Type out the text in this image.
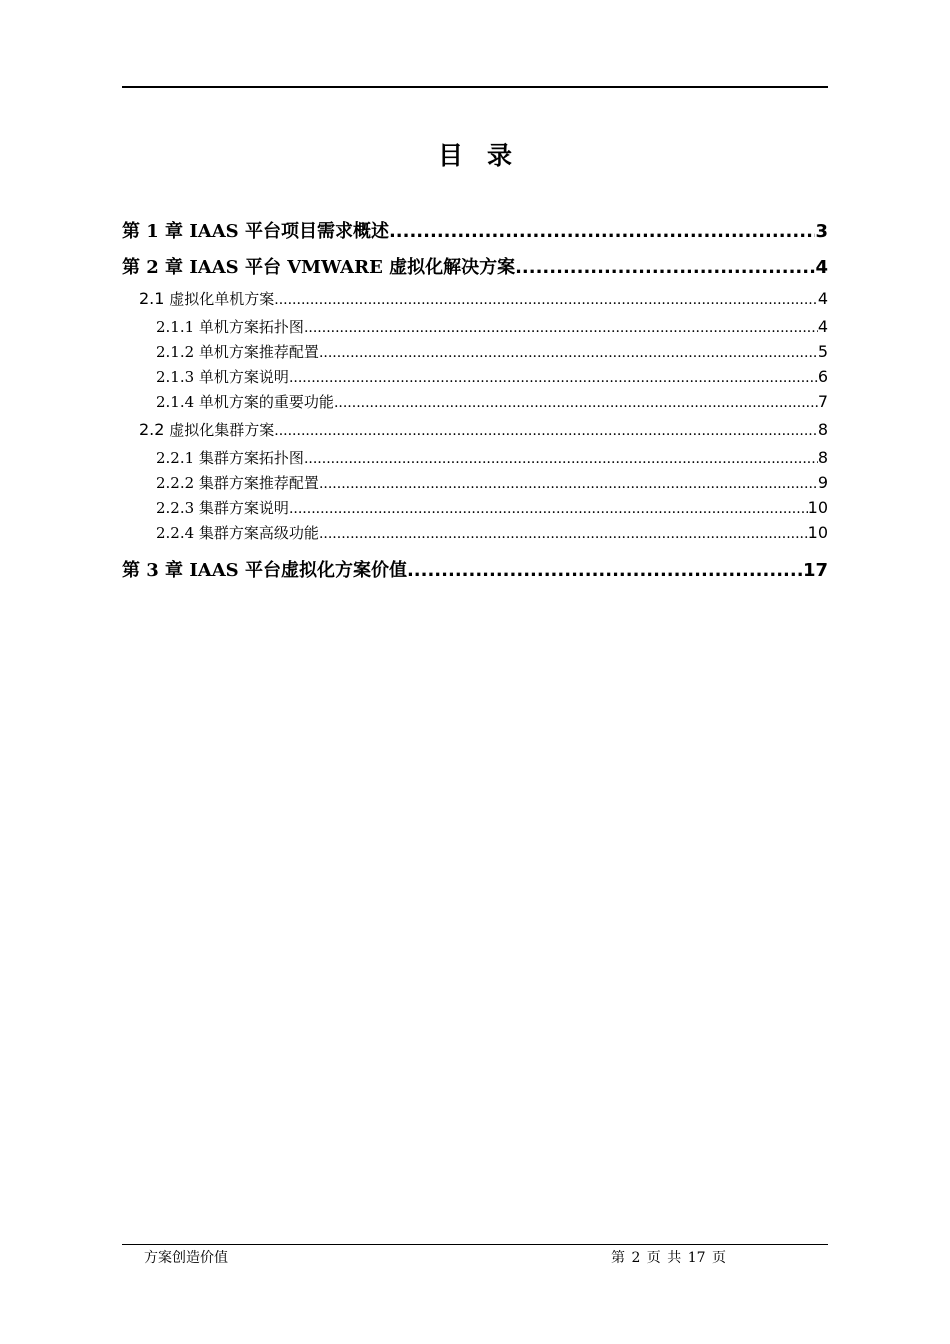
目录
第 1 章 IAAS 平台项目需求概述 .....	3
第 2 章 IAAS 平台 VMWARE 虚拟化解决方案 .....	4
2.1 虚拟化单机方案 .....	4
2.1.1 单机方案拓扑图 .....	4
2.1.2 单机方案推荐配置 .....	5
2.1.3 单机方案说明 .....	6
2.1.4 单机方案的重要功能 .....	7
2.2 虚拟化集群方案 .....	8
2.2.1 集群方案拓扑图 .....	8
2.2.2 集群方案推荐配置 .....	9
2.2.3 集群方案说明 .....	10
2.2.4 集群方案高级功能 .....	10
第 3 章 IAAS 平台虚拟化方案价值 .....	17
方案创造价值	第 2 页 共 17 页
